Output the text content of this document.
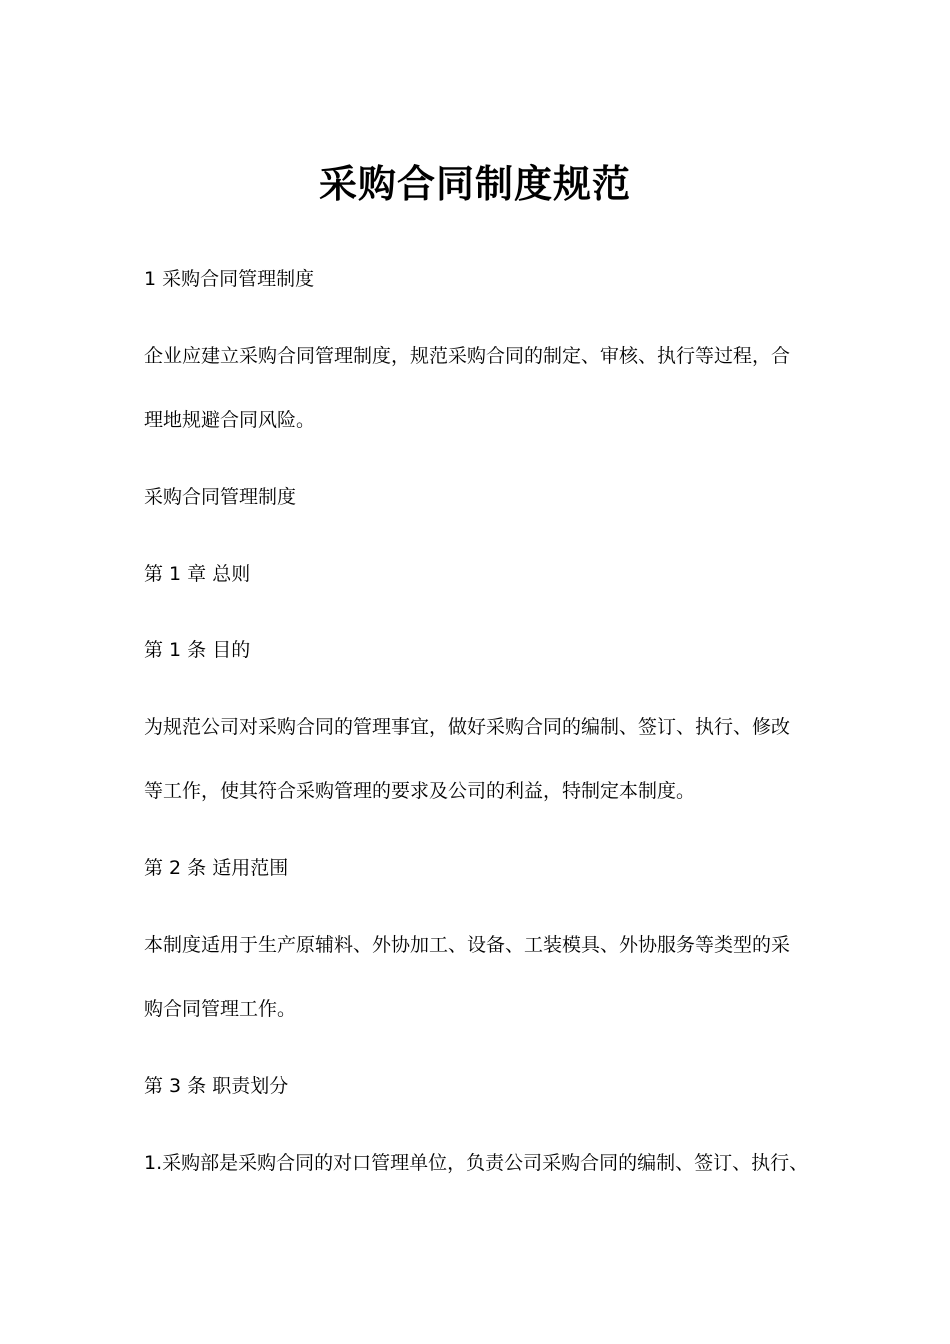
采购合同制度规范

1 采购合同管理制度

企业应建立采购合同管理制度，规范采购合同的制定、审核、执行等过程，合

理地规避合同风险。

采购合同管理制度

第 1 章 总则

第 1 条 目的

为规范公司对采购合同的管理事宜，做好采购合同的编制、签订、执行、修改

等工作，使其符合采购管理的要求及公司的利益，特制定本制度。

第 2 条 适用范围

本制度适用于生产原辅料、外协加工、设备、工装模具、外协服务等类型的采

购合同管理工作。

第 3 条 职责划分

1.采购部是采购合同的对口管理单位，负责公司采购合同的编制、签订、执行、
